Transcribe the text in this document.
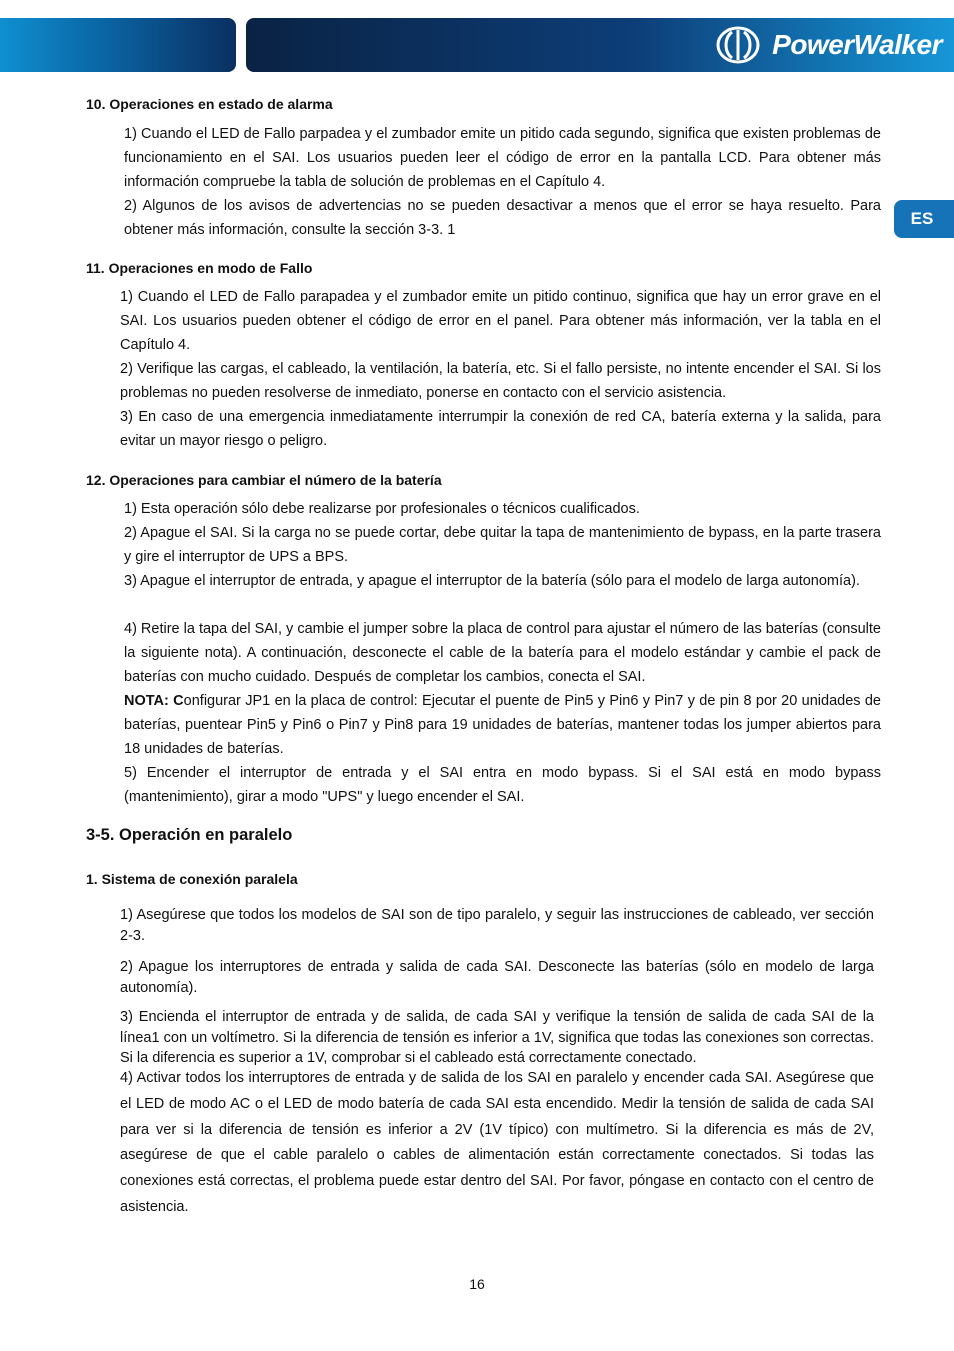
PowerWalker
ES
10. Operaciones en estado de alarma

1) Cuando el LED de Fallo parpadea y el zumbador emite un pitido cada segundo, significa que existen problemas de funcionamiento en el SAI. Los usuarios pueden leer el código de error en la pantalla LCD. Para obtener más información compruebe la tabla de solución de problemas en el Capítulo 4.

2) Algunos de los avisos de advertencias no se pueden desactivar a menos que el error se haya resuelto. Para obtener más información, consulte la sección 3-3. 1

11. Operaciones en modo de Fallo

1) Cuando el LED de Fallo parapadea y el zumbador emite un pitido continuo, significa que hay un error grave en el SAI. Los usuarios pueden obtener el código de error en el panel. Para obtener más información, ver la tabla en el Capítulo 4.

2) Verifique las cargas, el cableado, la ventilación, la batería, etc. Si el fallo persiste, no intente encender el SAI. Si los problemas no pueden resolverse de inmediato, ponerse en contacto con el servicio asistencia.

3) En caso de una emergencia inmediatamente interrumpir la conexión de red CA, batería externa y la salida, para evitar un mayor riesgo o peligro.

12. Operaciones para cambiar el número de la batería

1) Esta operación sólo debe realizarse por profesionales o técnicos cualificados.

2) Apague el SAI. Si la carga no se puede cortar, debe quitar la tapa de mantenimiento de bypass, en la parte trasera y gire el interruptor de UPS a BPS.

3) Apague el interruptor de entrada, y apague el interruptor de la batería (sólo para el modelo de larga autonomía).

4) Retire la tapa del SAI, y cambie el jumper sobre la placa de control para ajustar el número de las baterías (consulte la siguiente nota). A continuación, desconecte el cable de la batería para el modelo estándar y cambie el pack de baterías con mucho cuidado. Después de completar los cambios, conecta el SAI.

NOTA: Configurar JP1 en la placa de control: Ejecutar el puente de Pin5 y Pin6 y Pin7 y de pin 8 por 20 unidades de baterías, puentear Pin5 y Pin6 o Pin7 y Pin8 para 19 unidades de baterías, mantener todas los jumper abiertos para 18 unidades de baterías.

5) Encender el interruptor de entrada y el SAI entra en modo bypass. Si el SAI está en modo bypass (mantenimiento), girar a modo "UPS" y luego encender el SAI.

3-5. Operación en paralelo
1. Sistema de conexión paralela

1) Asegúrese que todos los modelos de SAI son de tipo paralelo, y seguir las instrucciones de cableado, ver sección 2-3.

2) Apague los interruptores de entrada y salida de cada SAI. Desconecte las baterías (sólo en modelo de larga autonomía).

3) Encienda el interruptor de entrada y de salida, de cada SAI y verifique la tensión de salida de cada SAI de la línea1 con un voltímetro. Si la diferencia de tensión es inferior a 1V, significa que todas las conexiones son correctas. Si la diferencia es superior a 1V, comprobar si el cableado está correctamente conectado.

4) Activar todos los interruptores de entrada y de salida de los SAI en paralelo y encender cada SAI. Asegúrese que el LED de modo AC o el LED de modo batería de cada SAI esta encendido. Medir la tensión de salida de cada SAI para ver si la diferencia de tensión es inferior a 2V (1V típico) con multímetro. Si la diferencia es más de 2V, asegúrese de que el cable paralelo o cables de alimentación están correctamente conectados. Si todas las conexiones está correctas, el problema puede estar dentro del SAI. Por favor, póngase en contacto con el centro de asistencia.

16
